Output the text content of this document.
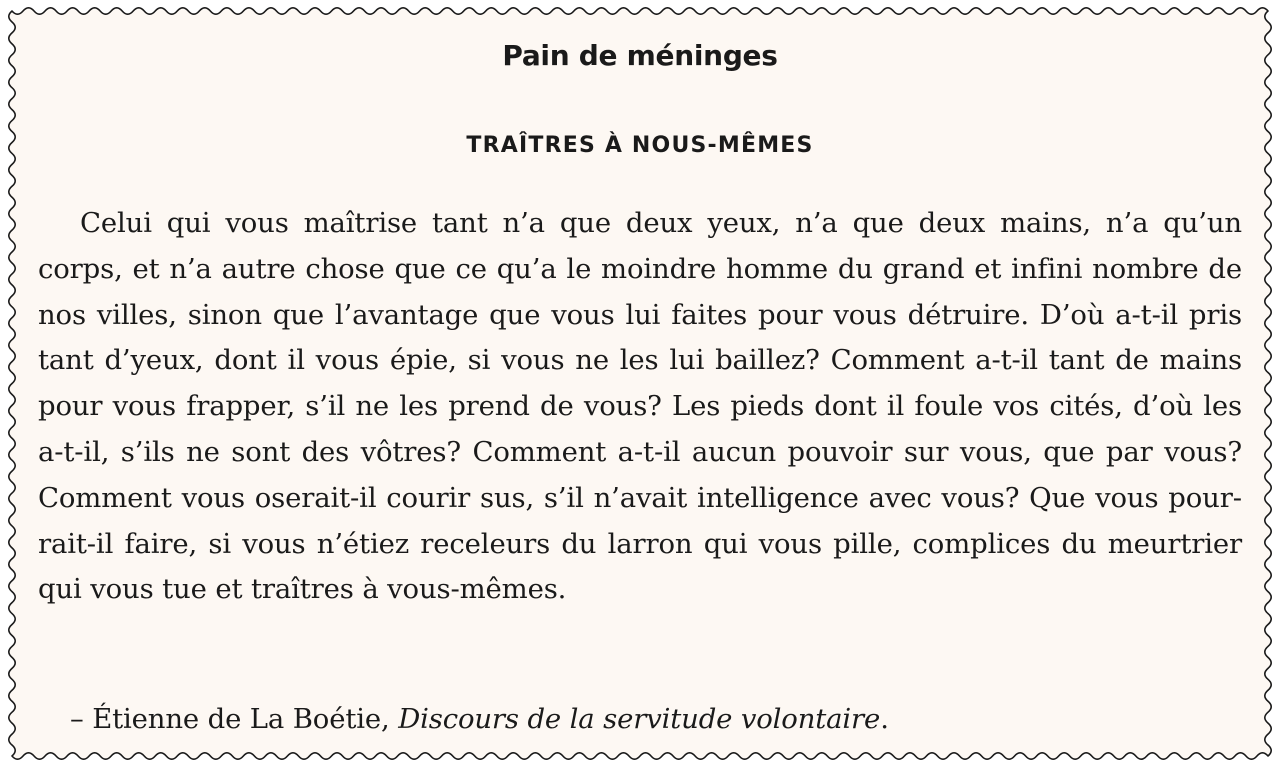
Pain de méninges
TRAÎTRES À NOUS-MÊMES

Celui qui vous maîtrise tant n’a que deux yeux, n’a que deux mains, n’a qu’un corps, et n’a autre chose que ce qu’a le moindre homme du grand et infini nombre de nos villes, sinon que l’avantage que vous lui faites pour vous détruire. D’où a-t-il pris tant d’yeux, dont il vous épie, si vous ne les lui baillez? Comment a-t-il tant de mains pour vous frapper, s’il ne les prend de vous? Les pieds dont il foule vos cités, d’où les a-t-il, s’ils ne sont des vôtres? Comment a-t-il aucun pouvoir sur vous, que par vous? Comment vous oserait-il courir sus, s’il n’avait intelligence avec vous? Que vous pourrait-il faire, si vous n’étiez receleurs du larron qui vous pille, complices du meurtrier qui vous tue et traîtres à vous-mêmes.

– Étienne de La Boétie, Discours de la servitude volontaire.
